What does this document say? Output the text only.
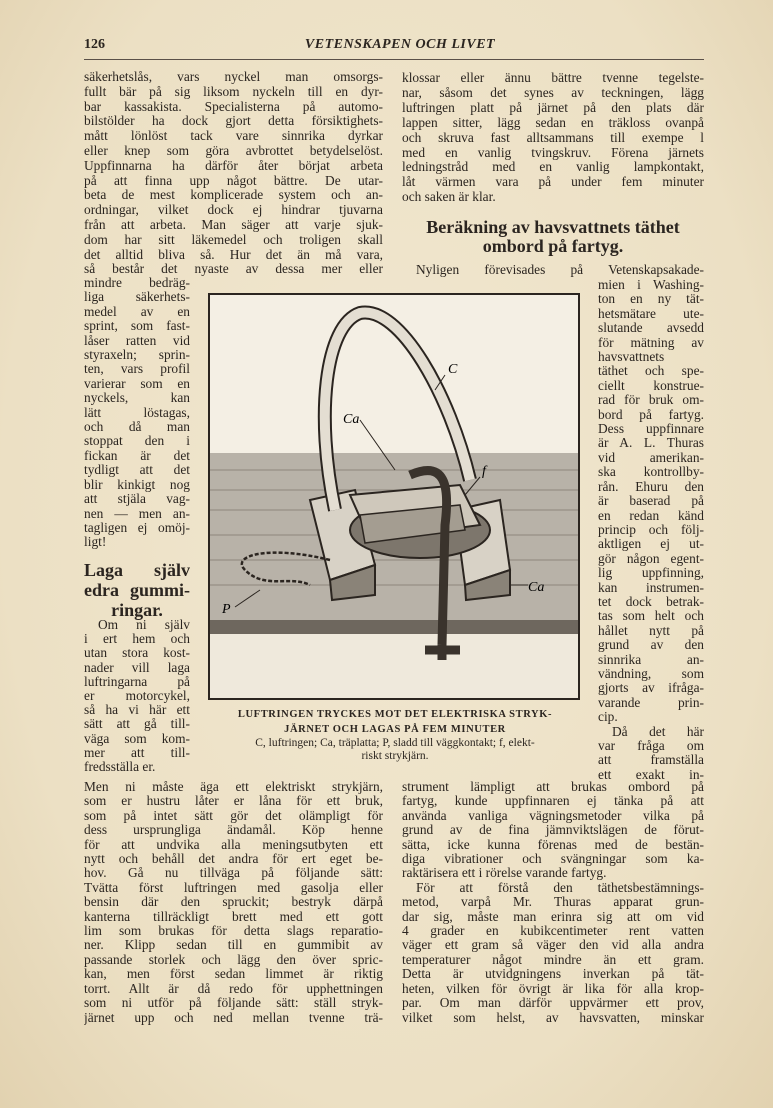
126	VETENSKAPEN OCH LIVET
säkerhetslås, vars nyckel man omsorgs-
fullt bär på sig liksom nyckeln till en dyr-
bar kassakista. Specialisterna på automo-
bilstölder ha dock gjort detta försiktighets-
mått lönlöst tack vare sinnrika dyrkar
eller knep som göra avbrottet betydelselöst.
Uppfinnarna ha därför åter börjat arbeta
på att finna upp något bättre. De utar-
beta de mest komplicerade system och an-
ordningar, vilket dock ej hindrar tjuvarna
från att arbeta. Man säger att varje sjuk-
dom har sitt läkemedel och troligen skall
det alltid bliva så. Hur det än må vara,
så består det nyaste av dessa mer eller
mindre bedräg-
liga säkerhets-
medel av en
sprint, som fast-
låser ratten vid
styraxeln; sprin-
ten, vars profil
varierar som en
nyckels, kan
lätt löstagas,
och då man
stoppat den i
fickan är det
tydligt att det
blir kinkigt nog
att stjäla vag-
nen — men an-
tagligen ej omöj-
ligt!
Laga själv
edra gummi-
ringar.
Om ni själv
i ert hem och
utan stora kost-
nader vill laga
luftringarna på
er motorcykel,
så ha vi här ett
sätt att gå till-
väga som kom-
mer att till-
fredsställa er.
Men ni måste äga ett elektriskt strykjärn,
som er hustru låter er låna för ett bruk,
som på intet sätt gör det olämpligt för
dess ursprungliga ändamål. Köp henne
för att undvika alla meningsutbyten ett
nytt och behåll det andra för ert eget be-
hov. Gå nu tillväga på följande sätt:
Tvätta först luftringen med gasolja eller
bensin där den spruckit; bestryk därpå
kanterna tillräckligt brett med ett gott
lim som brukas för detta slags reparatio-
ner. Klipp sedan till en gummibit av
passande storlek och lägg den över spric-
kan, men först sedan limmet är riktig
torrt. Allt är då redo för upphettningen
som ni utför på följande sätt: ställ stryk-
järnet upp och ned mellan tvenne trä-
klossar eller ännu bättre tvenne tegelste-
nar, såsom det synes av teckningen, lägg
luftringen platt på järnet på den plats där
lappen sitter, lägg sedan en träkloss ovanpå
och skruva fast alltsammans till exempe l
med en vanlig tvingskruv. Förena järnets
ledningstråd med en vanlig lampkontakt,
låt värmen vara på under fem minuter
och saken är klar.
Beräkning av havsvattnets täthet
ombord på fartyg.
Nyligen förevisades på Vetenskapsakade-
mien i Washing-
ton en ny tät-
hetsmätare ute-
slutande avsedd
för mätning av
havsvattnets
täthet och spe-
ciellt konstrue-
rad för bruk om-
bord på fartyg.
Dess uppfinnare
är A. L. Thuras
vid amerikan-
ska kontrollby-
rån. Ehuru den
är baserad på
en redan känd
princip och följ-
aktligen ej ut-
gör någon egent-
lig uppfinning,
kan instrumen-
tet dock betrak-
tas som helt och
hållet nytt på
grund av den
sinnrika an-
vändning, som
gjorts av ifråga-
varande prin-
cip.
Då det här
var fråga om
att framställa
ett exakt in-
strument lämpligt att brukas ombord på
fartyg, kunde uppfinnaren ej tänka på att
använda vanliga vägningsmetoder vilka på
grund av de fina jämnviktslägen de förut-
sätta, icke kunna förenas med de bestän-
diga vibrationer och svängningar som ka-
raktärisera ett i rörelse varande fartyg.
För att förstå den täthetsbestämnings-
metod, varpå Mr. Thuras apparat grun-
dar sig, måste man erinra sig att om vid
4 grader en kubikcentimeter rent vatten
väger ett gram så väger den vid alla andra
temperaturer något mindre än ett gram.
Detta är utvidgningens inverkan på tät-
heten, vilken för övrigt är lika för alla krop-
par. Om man därför uppvärmer ett prov,
vilket som helst, av havsvatten, minskar
C
Ca
f
Ca
P
LUFTRINGEN TRYCKES MOT DET ELEKTRISKA STRYK-
JÄRNET OCH LAGAS PÅ FEM MINUTER
C, luftringen; Ca, träplatta; P, sladd till väggkontakt; f, elekt-
riskt strykjärn.
